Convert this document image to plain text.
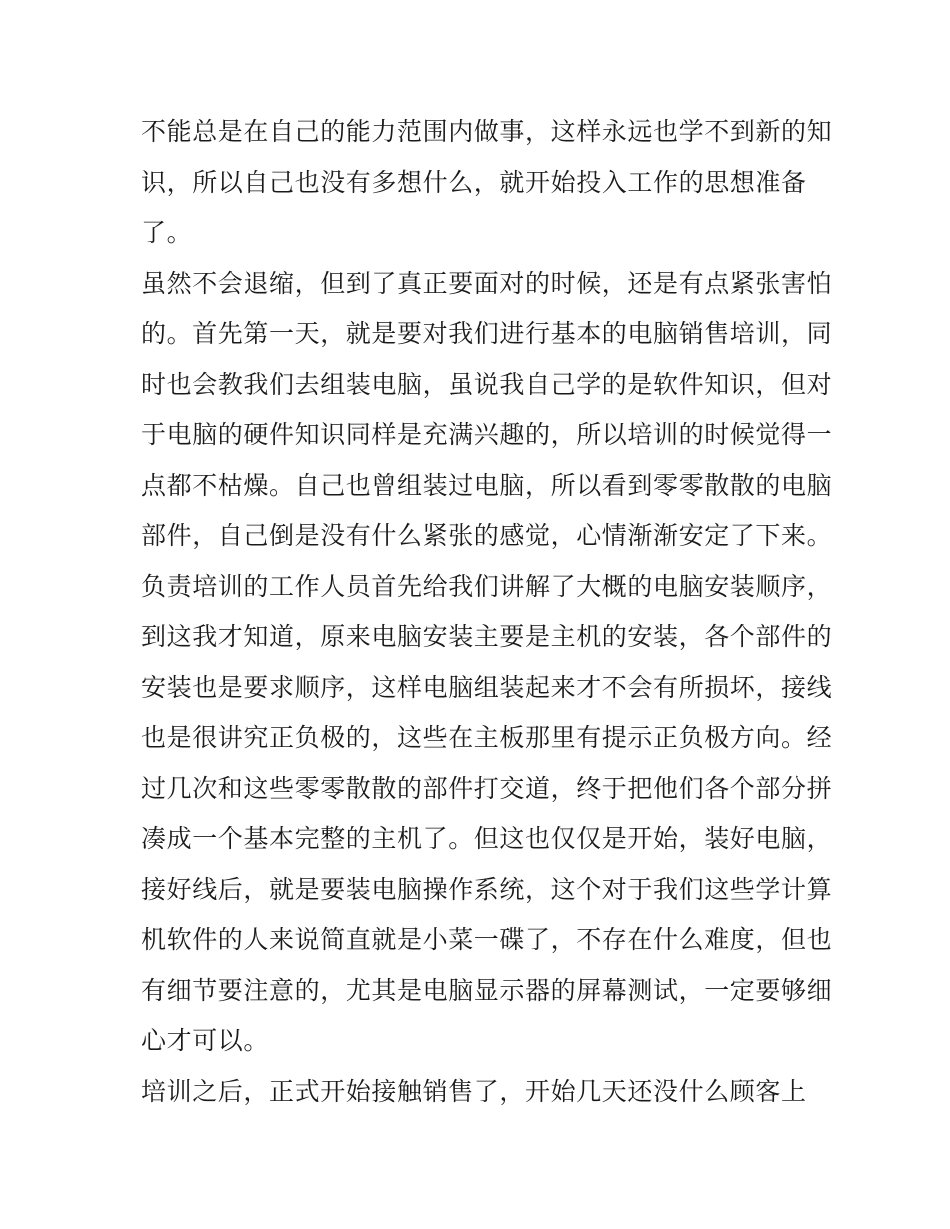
不能总是在自己的能力范围内做事，这样永远也学不到新的知
识，所以自己也没有多想什么，就开始投入工作的思想准备
了。
虽然不会退缩，但到了真正要面对的时候，还是有点紧张害怕
的。首先第一天，就是要对我们进行基本的电脑销售培训，同
时也会教我们去组装电脑，虽说我自己学的是软件知识，但对
于电脑的硬件知识同样是充满兴趣的，所以培训的时候觉得一
点都不枯燥。自己也曾组装过电脑，所以看到零零散散的电脑
部件，自己倒是没有什么紧张的感觉，心情渐渐安定了下来。
负责培训的工作人员首先给我们讲解了大概的电脑安装顺序，
到这我才知道，原来电脑安装主要是主机的安装，各个部件的
安装也是要求顺序，这样电脑组装起来才不会有所损坏，接线
也是很讲究正负极的，这些在主板那里有提示正负极方向。经
过几次和这些零零散散的部件打交道，终于把他们各个部分拼
凑成一个基本完整的主机了。但这也仅仅是开始，装好电脑，
接好线后，就是要装电脑操作系统，这个对于我们这些学计算
机软件的人来说简直就是小菜一碟了，不存在什么难度，但也
有细节要注意的，尤其是电脑显示器的屏幕测试，一定要够细
心才可以。
培训之后，正式开始接触销售了，开始几天还没什么顾客上
